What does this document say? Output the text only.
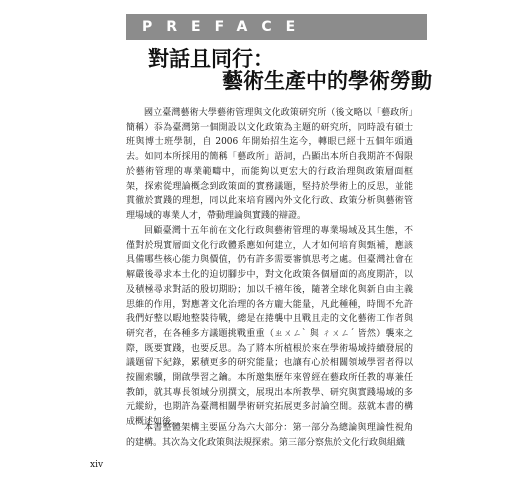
PREFACE
對話且同行：
藝術生產中的學術勞動

國立臺灣藝術大學藝術管理與文化政策研究所（後文略以「藝政所」簡稱）忝為臺灣第一個開設以文化政策為主題的研究所，同時設有碩士班與博士班學制，自 2006 年開始招生迄今，轉眼已經十五個年頭過去。如同本所採用的簡稱「藝政所」語詞，凸顯出本所自我期許不侷限於藝術管理的專業範疇中，而能夠以更宏大的行政治理與政策層面框架，探索從理論概念到政策面的實務議題，堅持於學術上的反思，並能貫徹於實踐的理想，同以此來培育國內外文化行政、政策分析與藝術管理場域的專業人才，帶動理論與實踐的辯證。

回顧臺灣十五年前在文化行政與藝術管理的專業場域及其生態，不僅對於現實層面文化行政體系應如何建立，人才如何培育與甄補，應該具備哪些核心能力與價值，仍有許多需要審慎思考之處。但臺灣社會在解嚴後尋求本土化的迫切腳步中，對文化政策各個層面的高度期許，以及積極尋求對話的殷切期盼；加以千禧年後，隨著全球化與新自由主義思維的作用，對應著文化治理的各方龐大能量，凡此種種，時間不允許我們好整以暇地整裝待戰，總是在捲襲中且戰且走的文化藝術工作者與研究者，在各種多方議題挑戰重重（ㄓㄨㄥˋ 與 ㄔㄨㄥˊ 皆然）襲來之際，既要實踐，也要反思。為了將本所植根於來在學術場域持續發展的議題留下紀錄，累積更多的研究能量；也讓有心於相關領域學習者得以按圖索驥，開啟學習之鑰。本所邀集歷年來曾經在藝政所任教的專兼任教師，就其專長領域分別撰文，展現出本所教學、研究與實踐場域的多元縱紛，也期許為臺灣相關學術研究拓展更多討論空間。茲就本書的構成概述如後。

本書整體架構主要區分為六大部分：第一部分為總論與理論性視角的建構。其次為文化政策與法規探索。第三部分察焦於文化行政與組織

xiv
